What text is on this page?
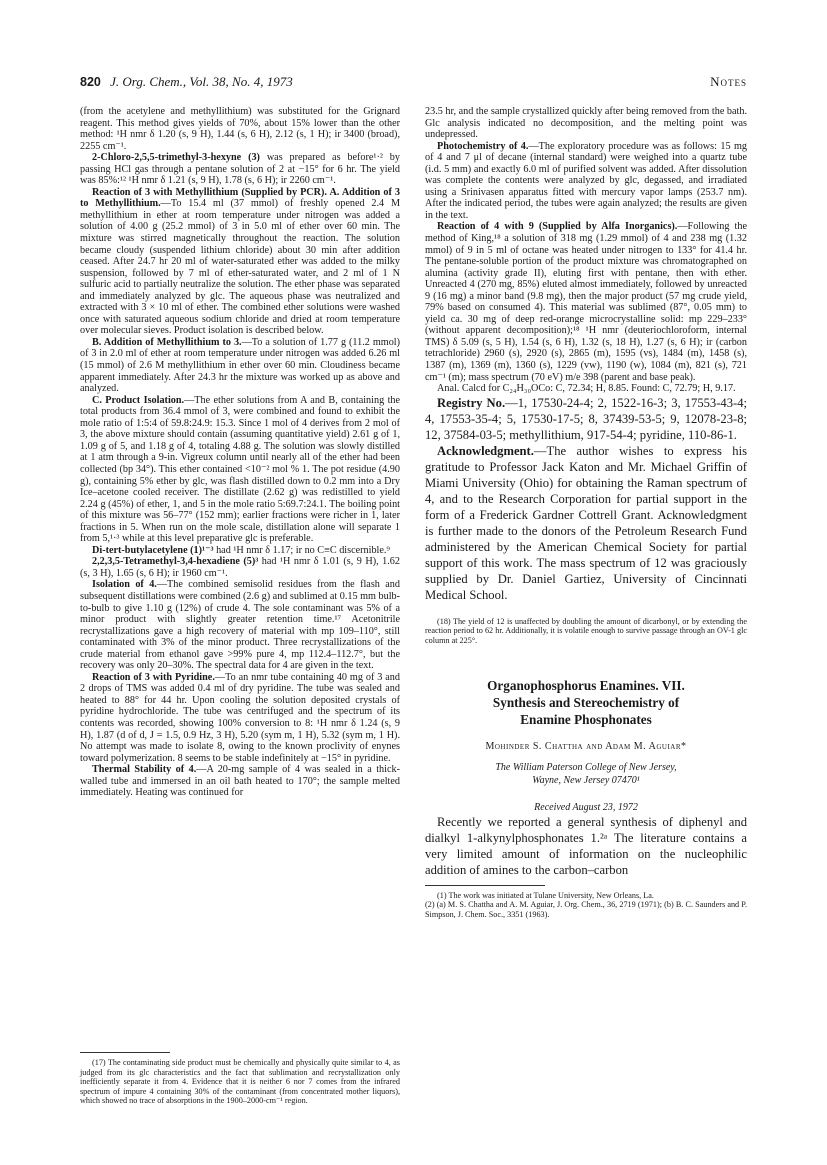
820 J. Org. Chem., Vol. 38, No. 4, 1973	Notes

(from the acetylene and methyllithium) was substituted for the Grignard reagent. This method gives yields of 70%, about 15% lower than the other method: ¹H nmr δ 1.20 (s, 9 H), 1.44 (s, 6 H), 2.12 (s, 1 H); ir 3400 (broad), 2255 cm⁻¹.

2-Chloro-2,5,5-trimethyl-3-hexyne (3) was prepared as before¹·² by passing HCl gas through a pentane solution of 2 at −15° for 6 hr. The yield was 85%:¹² ¹H nmr δ 1.21 (s, 9 H), 1.78 (s, 6 H); ir 2260 cm⁻¹.

Reaction of 3 with Methyllithium (Supplied by PCR). A. Addition of 3 to Methyllithium.—To 15.4 ml (37 mmol) of freshly opened 2.4 M methyllithium in ether at room temperature under nitrogen was added a solution of 4.00 g (25.2 mmol) of 3 in 5.0 ml of ether over 60 min. The mixture was stirred magnetically throughout the reaction. The solution became cloudy (suspended lithium chloride) about 30 min after addition ceased. After 24.7 hr 20 ml of water-saturated ether was added to the milky suspension, followed by 7 ml of ether-saturated water, and 2 ml of 1 N sulfuric acid to partially neutralize the solution. The ether phase was separated and immediately analyzed by glc. The aqueous phase was neutralized and extracted with 3 × 10 ml of ether. The combined ether solutions were washed once with saturated aqueous sodium chloride and dried at room temperature over molecular sieves. Product isolation is described below.

B. Addition of Methyllithium to 3.—To a solution of 1.77 g (11.2 mmol) of 3 in 2.0 ml of ether at room temperature under nitrogen was added 6.26 ml (15 mmol) of 2.6 M methyllithium in ether over 60 min. Cloudiness became apparent immediately. After 24.3 hr the mixture was worked up as above and analyzed.

C. Product Isolation.—The ether solutions from A and B, containing the total products from 36.4 mmol of 3, were combined and found to exhibit the mole ratio of 1:5:4 of 59.8:24.9: 15.3. Since 1 mol of 4 derives from 2 mol of 3, the above mixture should contain (assuming quantitative yield) 2.61 g of 1, 1.09 g of 5, and 1.18 g of 4, totaling 4.88 g. The solution was slowly distilled at 1 atm through a 9-in. Vigreux column until nearly all of the ether had been collected (bp 34°). This ether contained <10⁻² mol % 1. The pot residue (4.90 g), containing 5% ether by glc, was flash distilled down to 0.2 mm into a Dry Ice–acetone cooled receiver. The distillate (2.62 g) was redistilled to yield 2.24 g (45%) of ether, 1, and 5 in the mole ratio 5:69.7:24.1. The boiling point of this mixture was 56–77° (152 mm); earlier fractions were richer in 1, later fractions in 5. When run on the mole scale, distillation alone will separate 1 from 5,¹·³ while at this level preparative glc is preferable.

Di-tert-butylacetylene (1)¹⁻³ had ¹H nmr δ 1.17; ir no C≡C discernible.⁹

2,2,3,5-Tetramethyl-3,4-hexadiene (5)³ had ¹H nmr δ 1.01 (s, 9 H), 1.62 (s, 3 H), 1.65 (s, 6 H); ir 1960 cm⁻¹.

Isolation of 4.—The combined semisolid residues from the flash and subsequent distillations were combined (2.6 g) and sublimed at 0.15 mm bulb-to-bulb to give 1.10 g (12%) of crude 4. The sole contaminant was 5% of a minor product with slightly greater retention time.¹⁷ Acetonitrile recrystallizations gave a high recovery of material with mp 109–110°, still contaminated with 3% of the minor product. Three recrystallizations of the crude material from ethanol gave >99% pure 4, mp 112.4–112.7°, but the recovery was only 20–30%. The spectral data for 4 are given in the text.

Reaction of 3 with Pyridine.—To an nmr tube containing 40 mg of 3 and 2 drops of TMS was added 0.4 ml of dry pyridine. The tube was sealed and heated to 88° for 44 hr. Upon cooling the solution deposited crystals of pyridine hydrochloride. The tube was centrifuged and the spectrum of its contents was recorded, showing 100% conversion to 8: ¹H nmr δ 1.24 (s, 9 H), 1.87 (d of d, J = 1.5, 0.9 Hz, 3 H), 5.20 (sym m, 1 H), 5.32 (sym m, 1 H). No attempt was made to isolate 8, owing to the known proclivity of enynes toward polymerization. 8 seems to be stable indefinitely at −15° in pyridine.

Thermal Stability of 4.—A 20-mg sample of 4 was sealed in a thick-walled tube and immersed in an oil bath heated to 170°; the sample melted immediately. Heating was continued for

(17) The contaminating side product must be chemically and physically quite similar to 4, as judged from its glc characteristics and the fact that sublimation and recrystallization only inefficiently separate it from 4. Evidence that it is neither 6 nor 7 comes from the infrared spectrum of impure 4 containing 30% of the contaminant (from concentrated mother liquors), which showed no trace of absorptions in the 1900–2000-cm⁻¹ region.

23.5 hr, and the sample crystallized quickly after being removed from the bath. Glc analysis indicated no decomposition, and the melting point was undepressed.

Photochemistry of 4.—The exploratory procedure was as follows: 15 mg of 4 and 7 μl of decane (internal standard) were weighed into a quartz tube (i.d. 5 mm) and exactly 6.0 ml of purified solvent was added. After dissolution was complete the contents were analyzed by glc, degassed, and irradiated using a Srinivasen apparatus fitted with mercury vapor lamps (253.7 nm). After the indicated period, the tubes were again analyzed; the results are given in the text.

Reaction of 4 with 9 (Supplied by Alfa Inorganics).—Following the method of King,¹⁸ a solution of 318 mg (1.29 mmol) of 4 and 238 mg (1.32 mmol) of 9 in 5 ml of octane was heated under nitrogen to 133° for 41.4 hr. The pentane-soluble portion of the product mixture was chromatographed on alumina (activity grade II), eluting first with pentane, then with ether. Unreacted 4 (270 mg, 85%) eluted almost immediately, followed by unreacted 9 (16 mg) a minor band (9.8 mg), then the major product (57 mg crude yield, 79% based on consumed 4). This material was sublimed (87°, 0.05 mm) to yield ca. 30 mg of deep red-orange microcrystalline solid: mp 229–233° (without apparent decomposition);¹⁸ ¹H nmr (deuteriochloroform, internal TMS) δ 5.09 (s, 5 H), 1.54 (s, 6 H), 1.32 (s, 18 H), 1.27 (s, 6 H); ir (carbon tetrachloride) 2960 (s), 2920 (s), 2865 (m), 1595 (vs), 1484 (m), 1458 (s), 1387 (m), 1369 (m), 1360 (s), 1229 (vw), 1190 (w), 1084 (m), 821 (s), 721 cm⁻¹ (m); mass spectrum (70 eV) m/e 398 (parent and base peak).

Anal. Calcd for C₂₄H₃₀OCo: C, 72.34; H, 8.85. Found: C, 72.79; H, 9.17.

Registry No.—1, 17530-24-4; 2, 1522-16-3; 3, 17553-43-4; 4, 17553-35-4; 5, 17530-17-5; 8, 37439-53-5; 9, 12078-23-8; 12, 37584-03-5; methyllithium, 917-54-4; pyridine, 110-86-1.

Acknowledgment.—The author wishes to express his gratitude to Professor Jack Katon and Mr. Michael Griffin of Miami University (Ohio) for obtaining the Raman spectrum of 4, and to the Research Corporation for partial support in the form of a Frederick Gardner Cottrell Grant. Acknowledgment is further made to the donors of the Petroleum Research Fund administered by the American Chemical Society for partial support of this work. The mass spectrum of 12 was graciously supplied by Dr. Daniel Gartiez, University of Cincinnati Medical School.

(18) The yield of 12 is unaffected by doubling the amount of dicarbonyl, or by extending the reaction period to 62 hr. Additionally, it is volatile enough to survive passage through an OV-1 glc column at 225°.

Organophosphorus Enamines. VII.
Synthesis and Stereochemistry of
Enamine Phosphonates
Mohinder S. Chattha and Adam M. Aguiar*
The William Paterson College of New Jersey,
Wayne, New Jersey 07470¹
Received August 23, 1972

Recently we reported a general synthesis of diphenyl and dialkyl 1-alkynylphosphonates 1.²ᵃ The literature contains a very limited amount of information on the nucleophilic addition of amines to the carbon–carbon

(1) The work was initiated at Tulane University, New Orleans, La.

(2) (a) M. S. Chattha and A. M. Aguiar, J. Org. Chem., 36, 2719 (1971); (b) B. C. Saunders and P. Simpson, J. Chem. Soc., 3351 (1963).
